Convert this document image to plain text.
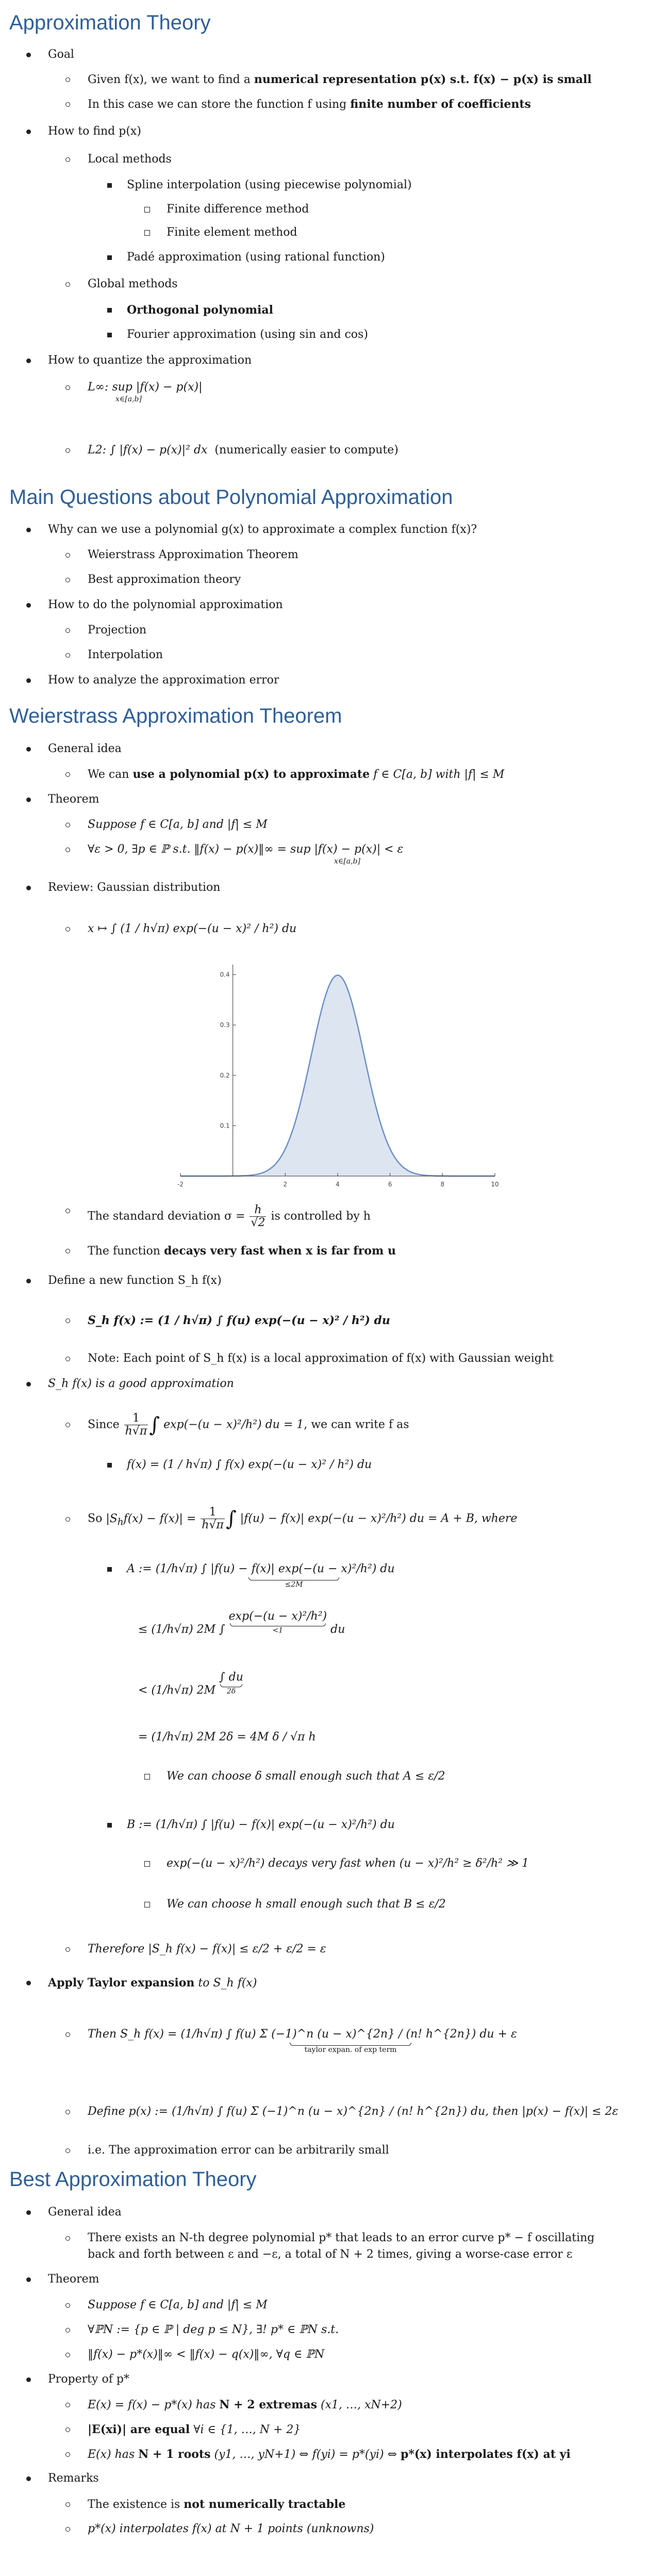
Approximation Theory
Goal
Given f(x), we want to find a numerical representation p(x) s.t. f(x) − p(x) is small
In this case we can store the function f using finite number of coefficients
How to find p(x)
Local methods
Spline interpolation (using piecewise polynomial)
Finite difference method
Finite element method
Padé approximation (using rational function)
Global methods
Orthogonal polynomial
Fourier approximation (using sin and cos)
How to quantize the approximation
L∞: sup |f(x) − p(x)|
x∈[a,b]
L2: ∫ |f(x) − p(x)|² dx (numerically easier to compute)
Main Questions about Polynomial Approximation
Why can we use a polynomial g(x) to approximate a complex function f(x)?
Weierstrass Approximation Theorem
Best approximation theory
How to do the polynomial approximation
Projection
Interpolation
How to analyze the approximation error
Weierstrass Approximation Theorem
General idea
We can use a polynomial p(x) to approximate f ∈ C[a, b] with |f| ≤ M
Theorem
Suppose f ∈ C[a, b] and |f| ≤ M
∀ε > 0, ∃p ∈ ℙ s.t. ‖f(x) − p(x)‖∞ = sup |f(x) − p(x)| < ε
x∈[a,b]
Review: Gaussian distribution
x ↦ ∫ (1 / h√π) exp(−(u − x)² / h²) du
-2	2	4	6	8	10
0.1
0.2
0.3
0.4
The standard deviation $\sigma = \frac{h}{√2}$ is controlled by h
The function decays very fast when x is far from u
Define a new function S_h f(x)
S_h f(x) := (1 / h√π) ∫ f(u) exp(−(u − x)² / h²) du
Note: Each point of S_h f(x) is a local approximation of f(x) with Gaussian weight
S_h f(x) is a good approximation
Since $\frac{1}{h√\pi}$ ∫ exp(−(u − x)²/h²) du = 1, we can write f as
f(x) = (1 / h√π) ∫ f(x) exp(−(u − x)² / h²) du
So $|S_hf(x) - f(x)| = \frac{1}{h√\pi}$ ∫ |f(u) − f(x)| exp(−(u − x)²/h²) du = A + B, where
A := (1/h√π) ∫ |f(u) − f(x)| exp(−(u − x)²/h²) du
≤2M
≤ (1/h√π) 2M ∫ exp(−(u − x)²/h²)
<1	du
< (1/h√π) 2M ∫ du
2δ
= (1/h√π) 2M 2δ = 4M δ / √π h
We can choose δ small enough such that A ≤ ε/2
B := (1/h√π) ∫ |f(u) − f(x)| exp(−(u − x)²/h²) du
exp(−(u − x)²/h²) decays very fast when (u − x)²/h² ≥ δ²/h² ≫ 1
We can choose h small enough such that B ≤ ε/2
Therefore |S_h f(x) − f(x)| ≤ ε/2 + ε/2 = ε
Apply Taylor expansion to S_h f(x)
Then S_h f(x) = (1/h√π) ∫ f(u) Σ (−1)^n (u − x)^{2n} / (n! h^{2n}) du + ε
taylor expan. of exp term
Define p(x) := (1/h√π) ∫ f(u) Σ (−1)^n (u − x)^{2n} / (n! h^{2n}) du, then |p(x) − f(x)| ≤ 2ε
i.e. The approximation error can be arbitrarily small
Best Approximation Theory
General idea
There exists an N-th degree polynomial p* that leads to an error curve p* − f oscillating
back and forth between ε and −ε, a total of N + 2 times, giving a worse-case error ε
Theorem
Suppose f ∈ C[a, b] and |f| ≤ M
∀ℙN := {p ∈ ℙ | deg p ≤ N}, ∃! p* ∈ ℙN s.t.
‖f(x) − p*(x)‖∞ < ‖f(x) − q(x)‖∞, ∀q ∈ ℙN
Property of p*
E(x) = f(x) − p*(x) has N + 2 extremas (x1, …, xN+2)
|E(xi)| are equal ∀i ∈ {1, …, N + 2}
E(x) has N + 1 roots (y1, …, yN+1) ⇔ f(yi) = p*(yi) ⇔ p*(x) interpolates f(x) at yi
Remarks
The existence is not numerically tractable
p*(x) interpolates f(x) at N + 1 points (unknowns)
